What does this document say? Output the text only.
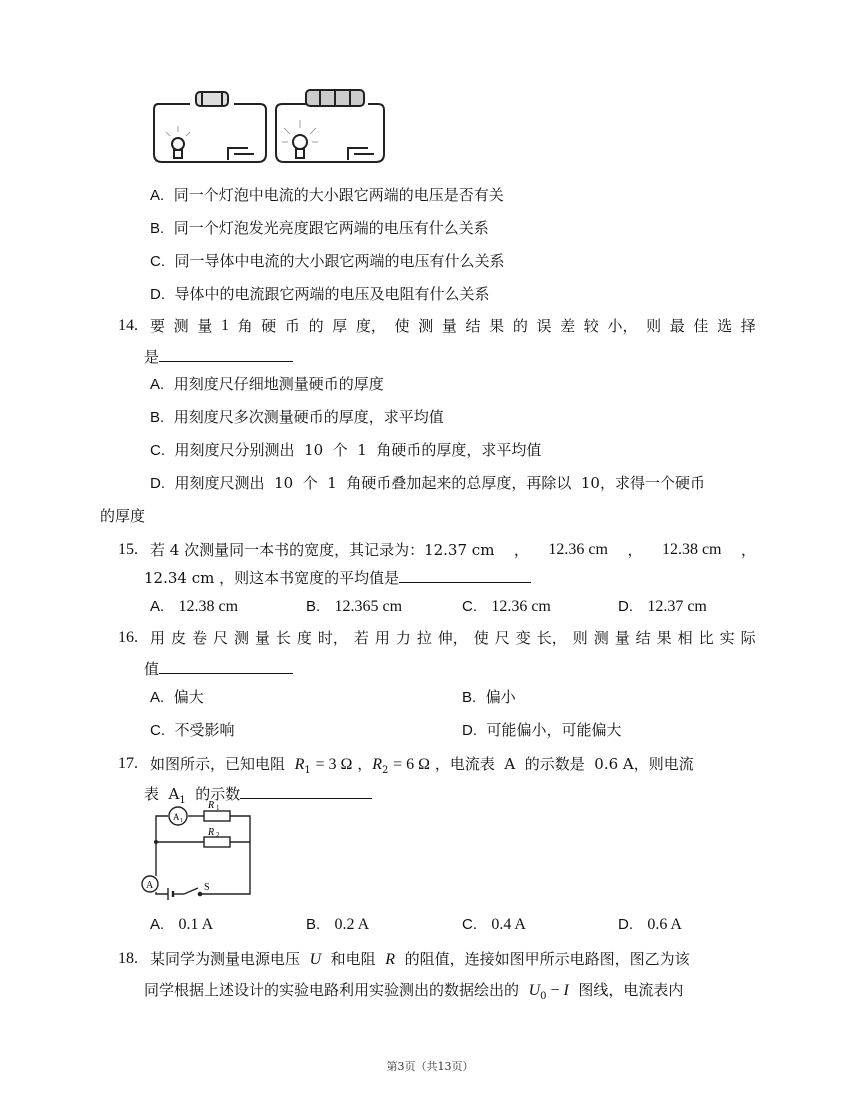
A. 同一个灯泡中电流的大小跟它两端的电压是否有关
B. 同一个灯泡发光亮度跟它两端的电压有什么关系
C. 同一导体中电流的大小跟它两端的电压有什么关系
D. 导体中的电流跟它两端的电压及电阻有什么关系
14. 要 测 量 1 角 硬 币 的 厚 度， 使 测 量 结 果 的 误 差 较 小， 则 最 佳 选 择
是
A. 用刻度尺仔细地测量硬币的厚度
B. 用刻度尺多次测量硬币的厚度，求平均值
C. 用刻度尺分别测出  10  个  1  角硬币的厚度，求平均值
D. 用刻度尺测出  10  个  1  角硬币叠加起来的总厚度，再除以  10，求得一个硬币
的厚度
15. 若 4 次测量同一本书的宽度，其记录为：12.37 cm ， 12.36 cm ， 12.38 cm ，
12.34 cm ，则这本书宽度的平均值是
A. 12.38 cm	B. 12.365 cm	C. 12.36 cm	D. 12.37 cm
16. 用 皮 卷 尺 测 量 长 度 时， 若 用 力 拉 伸， 使 尺 变 长， 则 测 量 结 果 相 比 实 际
值
A. 偏大	B. 偏小
C. 不受影响	D. 可能偏小，可能偏大
17. 如图所示，已知电阻 $R_1 = 3$ Ω ，$R_2 = 6$ Ω ，电流表  A  的示数是  0.6 A，则电流
表  $A_1$  的示数
A 1
R 1
R 2
A	S
A. 0.1 A	B. 0.2 A	C. 0.4 A	D. 0.6 A
18. 某同学为测量电源电压 U 和电阻 R 的阻值，连接如图甲所示电路图，图乙为该
同学根据上述设计的实验电路利用实验测出的数据绘出的 $U_0 - I$ 图线，电流表内
第3页（共13页）
